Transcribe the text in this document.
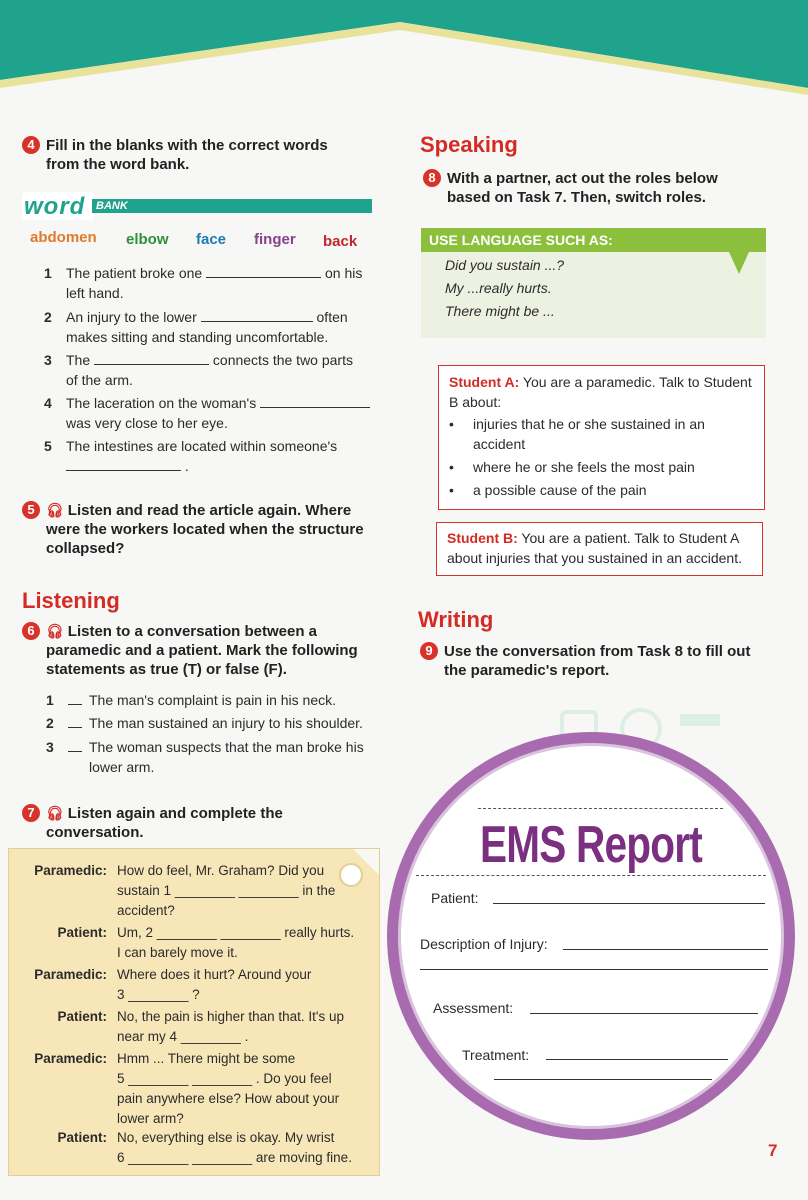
4 Fill in the blanks with the correct words from the word bank.
word BANK
abdomen elbow face finger back
1 The patient broke one	on his
left hand.
2 An injury to the lower	often
makes sitting and standing uncomfortable.
3 The	connects the two parts
of the arm.
4 The laceration on the woman's
was very close to her eye.
5 The intestines are located within someone's
.
5 🎧︎ Listen and read the article again. Where were the workers located when the structure collapsed?
Listening
6 🎧︎ Listen to a conversation between a paramedic and a patient. Mark the following statements as true (T) or false (F).
1	The man's complaint is pain in his neck.
2	The man sustained an injury to his shoulder.
3	The woman suspects that the man broke his
lower arm.
7 🎧︎ Listen again and complete the conversation.
Paramedic: How do feel, Mr. Graham? Did you
sustain 1 ________ ________ in the
accident?
Patient: Um, 2 ________ ________ really hurts.
I can barely move it.
Paramedic: Where does it hurt? Around your
3 ________ ?
Patient: No, the pain is higher than that. It's up
near my 4 ________ .
Paramedic: Hmm ... There might be some
5 ________ ________ . Do you feel
pain anywhere else? How about your
lower arm?
Patient: No, everything else is okay. My wrist
6 ________ ________ are moving fine.
Speaking
8 With a partner, act out the roles below based on Task 7. Then, switch roles.
USE LANGUAGE SUCH AS:
Did you sustain ...?
My ...really hurts.
There might be ...
Student A: You are a paramedic. Talk to Student B about:
• injuries that he or she sustained in an accident
• where he or she feels the most pain
• a possible cause of the pain
Student B: You are a patient. Talk to Student A about injuries that you sustained in an accident.
Writing
9 Use the conversation from Task 8 to fill out the paramedic's report.
EMS Report
Patient:
Description of Injury:
Assessment:
Treatment:
7
